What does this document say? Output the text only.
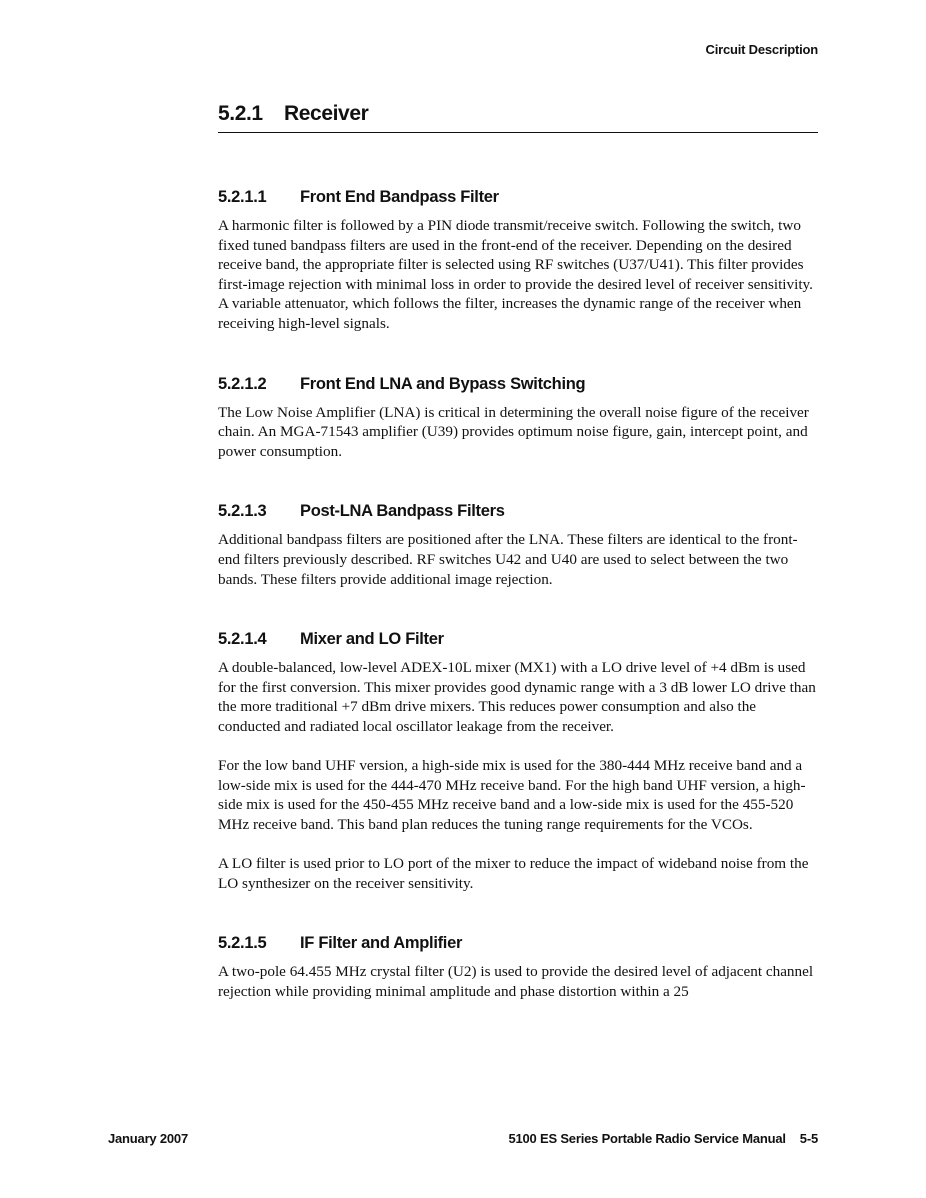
Circuit Description
5.2.1 Receiver
5.2.1.1 Front End Bandpass Filter

A harmonic filter is followed by a PIN diode transmit/receive switch. Following the switch, two fixed tuned bandpass filters are used in the front-end of the receiver. Depending on the desired receive band, the appropriate filter is selected using RF switches (U37/U41). This filter provides first-image rejection with minimal loss in order to provide the desired level of receiver sensitivity. A variable attenuator, which follows the filter, increases the dynamic range of the receiver when receiving high-level signals.

5.2.1.2 Front End LNA and Bypass Switching

The Low Noise Amplifier (LNA) is critical in determining the overall noise figure of the receiver chain. An MGA-71543 amplifier (U39) provides optimum noise figure, gain, intercept point, and power consumption.

5.2.1.3 Post-LNA Bandpass Filters

Additional bandpass filters are positioned after the LNA. These filters are identical to the front-end filters previously described. RF switches U42 and U40 are used to select between the two bands. These filters provide additional image rejection.

5.2.1.4 Mixer and LO Filter

A double-balanced, low-level ADEX-10L mixer (MX1) with a LO drive level of +4 dBm is used for the first conversion. This mixer provides good dynamic range with a 3 dB lower LO drive than the more traditional +7 dBm drive mixers. This reduces power consumption and also the conducted and radiated local oscillator leakage from the receiver.

For the low band UHF version, a high-side mix is used for the 380-444 MHz receive band and a low-side mix is used for the 444-470 MHz receive band. For the high band UHF version, a high-side mix is used for the 450-455 MHz receive band and a low-side mix is used for the 455-520 MHz receive band. This band plan reduces the tuning range requirements for the VCOs.

A LO filter is used prior to LO port of the mixer to reduce the impact of wideband noise from the LO synthesizer on the receiver sensitivity.

5.2.1.5 IF Filter and Amplifier

A two-pole 64.455 MHz crystal filter (U2) is used to provide the desired level of adjacent channel rejection while providing minimal amplitude and phase distortion within a 25

January 2007	5100 ES Series Portable Radio Service Manual 5-5
